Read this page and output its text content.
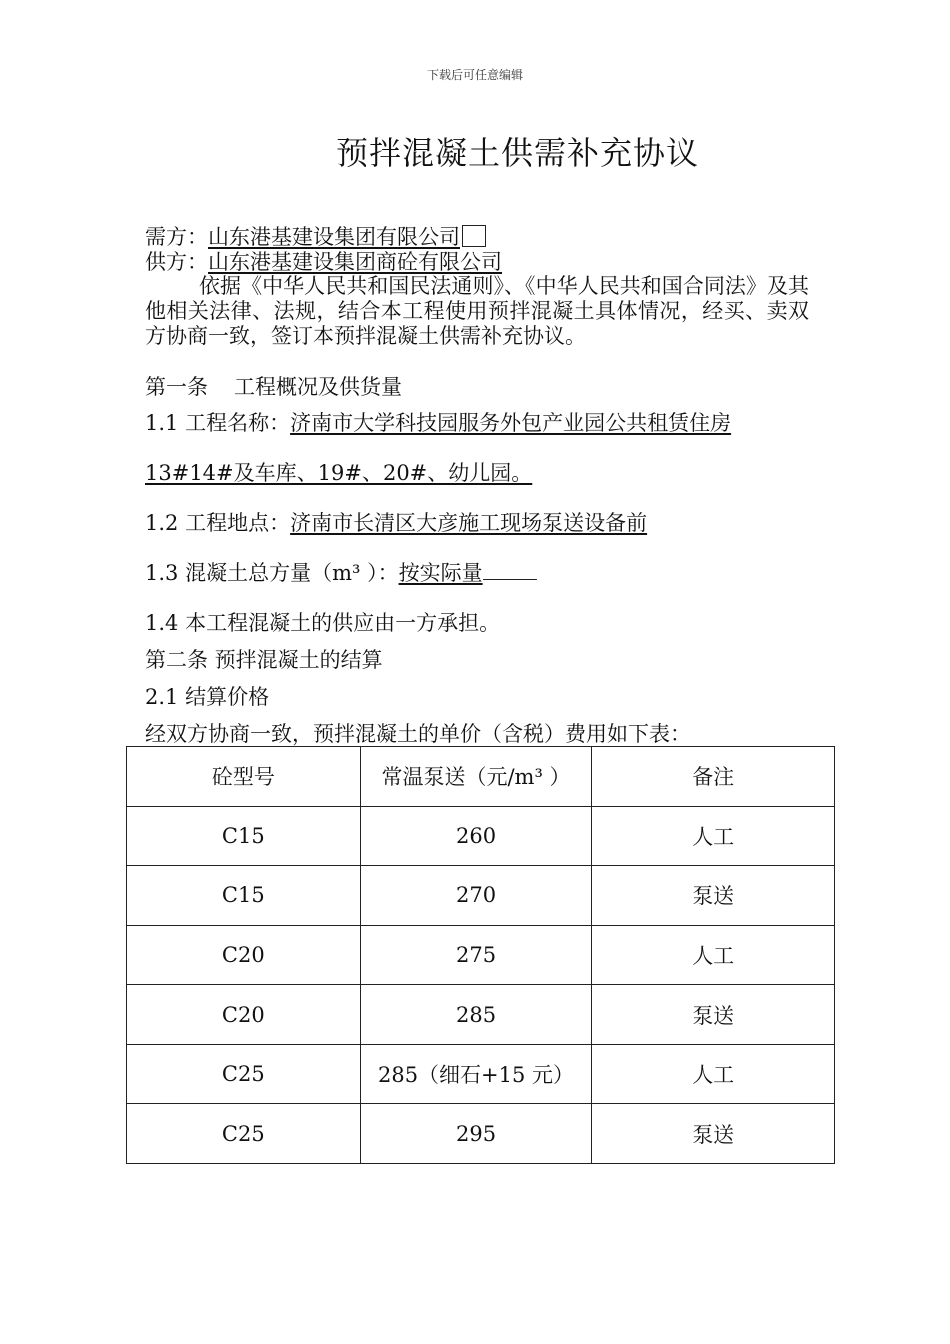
下载后可任意编辑
预拌混凝土供需补充协议
需方：山东港基建设集团有限公司
供方：山东港基建设集团商砼有限公司
依据《中华人民共和国民法通则》、《中华人民共和国合同法》及其他相关法律、法规，结合本工程使用预拌混凝土具体情况，经买、卖双方协商一致，签订本预拌混凝土供需补充协议。
第一条 工程概况及供货量
1.1 工程名称：济南市大学科技园服务外包产业园公共租赁住房
13#14#及车库、19#、20#、幼儿园。
1.2 工程地点：济南市长清区大彦施工现场泵送设备前
1.3 混凝土总方量（m³ ）：按实际量
1.4 本工程混凝土的供应由一方承担。
第二条 预拌混凝土的结算
2.1 结算价格
经双方协商一致，预拌混凝土的单价（含税）费用如下表：
砼型号	常温泵送（元/m³ ）	备注
C15	260	人工
C15	270	泵送
C20	275	人工
C20	285	泵送
C25	285（细石+15 元）	人工
C25	295	泵送
